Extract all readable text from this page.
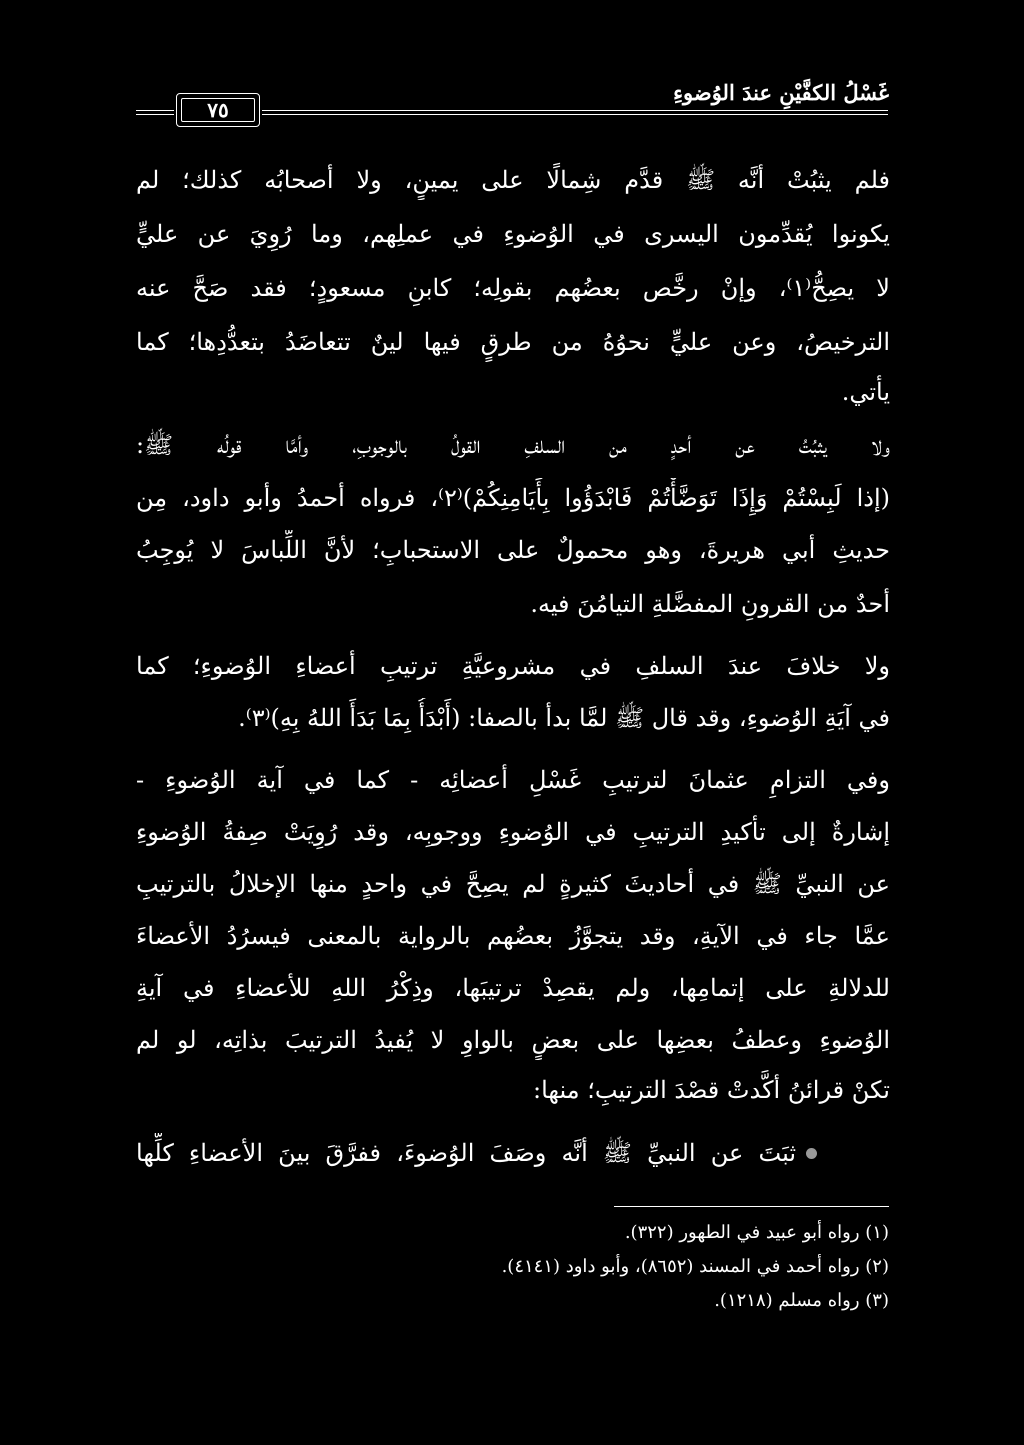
غَسْلُ الكفَّيْنِ عندَ الوُضوءِ
٧٥
فلم يثبُتْ أنَّه ﷺ قدَّم شِمالًا على يمينٍ، ولا أصحابُه كذلك؛ لم
يكونوا يُقدِّمون اليسرى في الوُضوءِ في عملِهم، وما رُوِيَ عن عليٍّ
لا يصِحُّ⁽١⁾، وإنْ رخَّص بعضُهم بقولِه؛ كابنِ مسعودٍ؛ فقد صَحَّ عنه
الترخيصُ، وعن عليٍّ نحوُهُ من طرقٍ فيها لينٌ تتعاضَدُ بتعدُّدِها؛ كما
يأتي.
ولا يثبُتُ عن أحدٍ من السلفِ القولُ بالوجوبِ، وأمَّا قولُه ﷺ:
(إذا لَبِسْتُمْ وَإِذَا تَوَضَّأْتُمْ فَابْدَؤُوا بِأَيَامِنِكُمْ)⁽٢⁾، فرواه أحمدُ وأبو داود، مِن
حديثِ أبي هريرةَ، وهو محمولٌ على الاستحبابِ؛ لأنَّ اللِّباسَ لا يُوجِبُ
أحدٌ من القرونِ المفضَّلةِ التيامُنَ فيه.
ولا خلافَ عندَ السلفِ في مشروعيَّةِ ترتيبِ أعضاءِ الوُضوءِ؛ كما
في آيَةِ الوُضوءِ، وقد قال ﷺ لمَّا بدأ بالصفا: (أَبْدَأُ بِمَا بَدَأَ اللهُ بِهِ)⁽٣⁾.
وفي التزامِ عثمانَ لترتيبِ غَسْلِ أعضائِه - كما في آية الوُضوءِ -
إشارةٌ إلى تأكيدِ الترتيبِ في الوُضوءِ ووجوبِه، وقد رُوِيَتْ صِفةُ الوُضوءِ
عن النبيِّ ﷺ في أحاديثَ كثيرةٍ لم يصِحَّ في واحدٍ منها الإخلالُ بالترتيبِ
عمَّا جاء في الآيةِ، وقد يتجوَّزُ بعضُهم بالرواية بالمعنى فيسرُدُ الأعضاءَ
للدلالةِ على إتمامِها، ولم يقصِدْ ترتيبَها، وذِكْرُ اللهِ للأعضاءِ في آيةِ
الوُضوءِ وعطفُ بعضِها على بعضٍ بالواوِ لا يُفيدُ الترتيبَ بذاتِه، لو لم
تكنْ قرائنُ أكَّدتْ قصْدَ الترتيبِ؛ منها:
ثبَتَ عن النبيِّ ﷺ أنَّه وصَفَ الوُضوءَ، ففرَّقَ بينَ الأعضاءِ كلِّها
(١) رواه أبو عبيد في الطهور (٣٢٢).
(٢) رواه أحمد في المسند (٨٦٥٢)، وأبو داود (٤١٤١).
(٣) رواه مسلم (١٢١٨).
